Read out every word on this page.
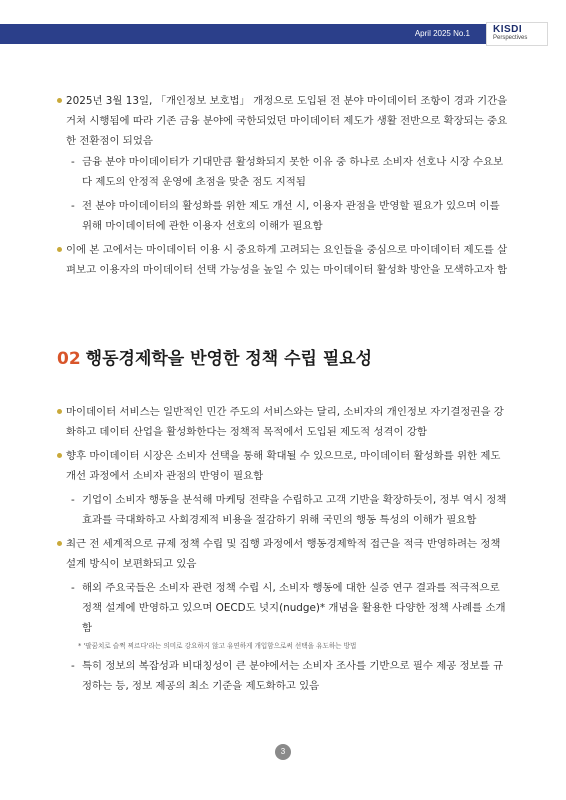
April 2025 No.1 KISDI
Perspectives
2025년 3월 13일, 「개인정보 보호법」 개정으로 도입된 전 분야 마이데이터 조항이 경과 기간을 거쳐 시행됨에 따라 기존 금융 분야에 국한되었던 마이데이터 제도가 생활 전반으로 확장되는 중요한 전환점이 되었음
- 금융 분야 마이데이터가 기대만큼 활성화되지 못한 이유 중 하나로 소비자 선호나 시장 수요보다 제도의 안정적 운영에 초점을 맞춘 점도 지적됨
- 전 분야 마이데이터의 활성화를 위한 제도 개선 시, 이용자 관점을 반영할 필요가 있으며 이를 위해 마이데이터에 관한 이용자 선호의 이해가 필요함
이에 본 고에서는 마이데이터 이용 시 중요하게 고려되는 요인들을 중심으로 마이데이터 제도를 살펴보고 이용자의 마이데이터 선택 가능성을 높일 수 있는 마이데이터 활성화 방안을 모색하고자 함
02 행동경제학을 반영한 정책 수립 필요성
마이데이터 서비스는 일반적인 민간 주도의 서비스와는 달리, 소비자의 개인정보 자기결정권을 강화하고 데이터 산업을 활성화한다는 정책적 목적에서 도입된 제도적 성격이 강함
향후 마이데이터 시장은 소비자 선택을 통해 확대될 수 있으므로, 마이데이터 활성화를 위한 제도 개선 과정에서 소비자 관점의 반영이 필요함
- 기업이 소비자 행동을 분석해 마케팅 전략을 수립하고 고객 기반을 확장하듯이, 정부 역시 정책 효과를 극대화하고 사회경제적 비용을 절감하기 위해 국민의 행동 특성의 이해가 필요함
최근 전 세계적으로 규제 정책 수립 및 집행 과정에서 행동경제학적 접근을 적극 반영하려는 정책 설계 방식이 보편화되고 있음
- 해외 주요국들은 소비자 관련 정책 수립 시, 소비자 행동에 대한 실증 연구 결과를 적극적으로 정책 설계에 반영하고 있으며 OECD도 넛지(nudge)* 개념을 활용한 다양한 정책 사례를 소개함
* '팔꿈치로 슬쩍 찌르다'라는 의미로 강요하지 않고 유연하게 개입함으로써 선택을 유도하는 방법
- 특히 정보의 복잡성과 비대칭성이 큰 분야에서는 소비자 조사를 기반으로 필수 제공 정보를 규정하는 등, 정보 제공의 최소 기준을 제도화하고 있음
3
